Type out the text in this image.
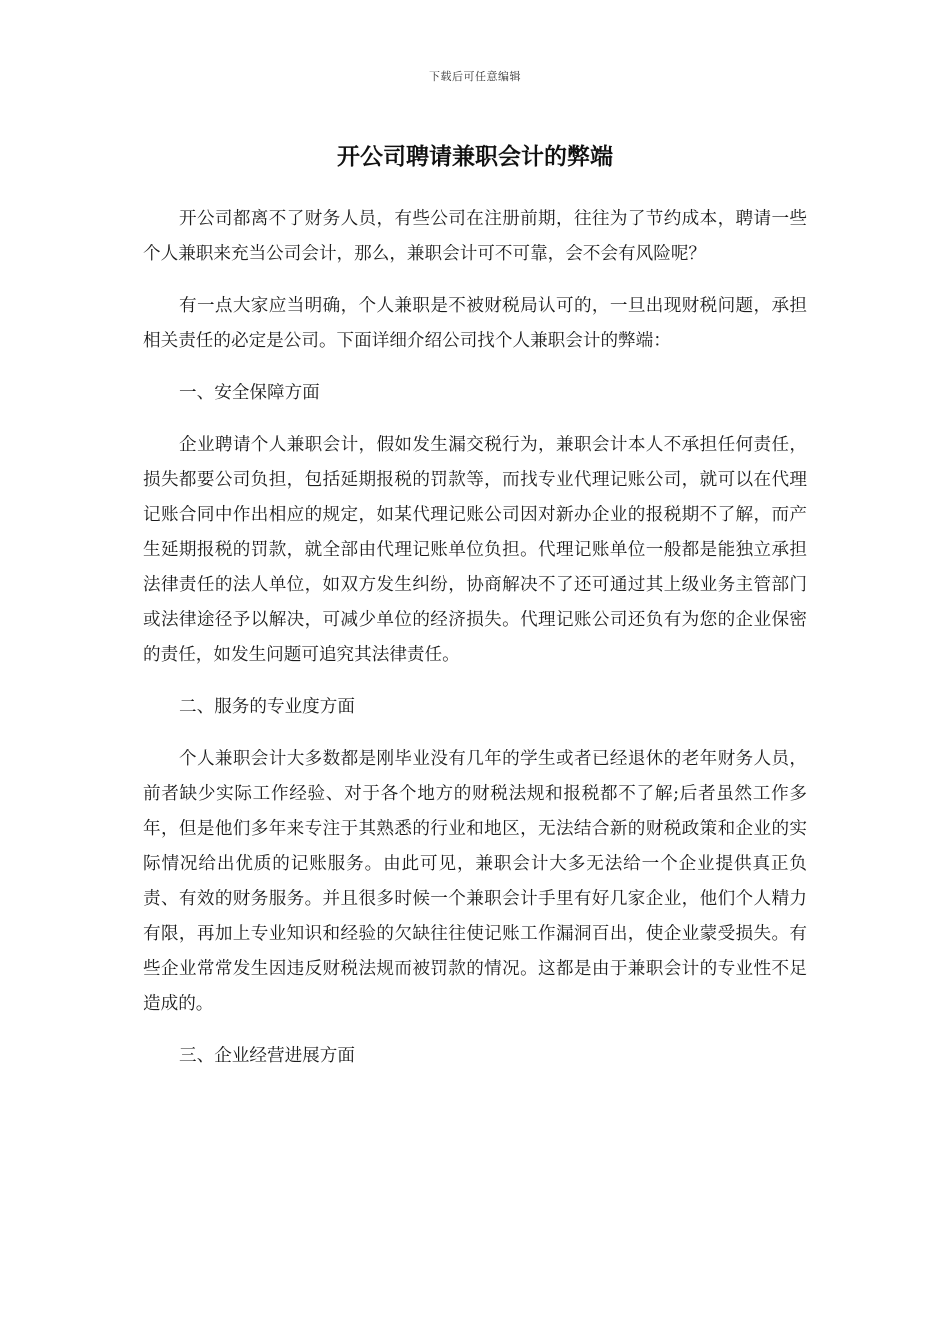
下载后可任意编辑
开公司聘请兼职会计的弊端

开公司都离不了财务人员，有些公司在注册前期，往往为了节约成本，聘请一些个人兼职来充当公司会计，那么，兼职会计可不可靠，会不会有风险呢？

有一点大家应当明确，个人兼职是不被财税局认可的，一旦出现财税问题，承担相关责任的必定是公司。下面详细介绍公司找个人兼职会计的弊端：

一、安全保障方面

企业聘请个人兼职会计，假如发生漏交税行为，兼职会计本人不承担任何责任，损失都要公司负担，包括延期报税的罚款等，而找专业代理记账公司，就可以在代理记账合同中作出相应的规定，如某代理记账公司因对新办企业的报税期不了解，而产生延期报税的罚款，就全部由代理记账单位负担。代理记账单位一般都是能独立承担法律责任的法人单位，如双方发生纠纷，协商解决不了还可通过其上级业务主管部门或法律途径予以解决，可减少单位的经济损失。代理记账公司还负有为您的企业保密的责任，如发生问题可追究其法律责任。

二、服务的专业度方面

个人兼职会计大多数都是刚毕业没有几年的学生或者已经退休的老年财务人员，前者缺少实际工作经验、对于各个地方的财税法规和报税都不了解;后者虽然工作多年，但是他们多年来专注于其熟悉的行业和地区，无法结合新的财税政策和企业的实际情况给出优质的记账服务。由此可见，兼职会计大多无法给一个企业提供真正负责、有效的财务服务。并且很多时候一个兼职会计手里有好几家企业，他们个人精力有限，再加上专业知识和经验的欠缺往往使记账工作漏洞百出，使企业蒙受损失。有些企业常常发生因违反财税法规而被罚款的情况。这都是由于兼职会计的专业性不足造成的。

三、企业经营进展方面
